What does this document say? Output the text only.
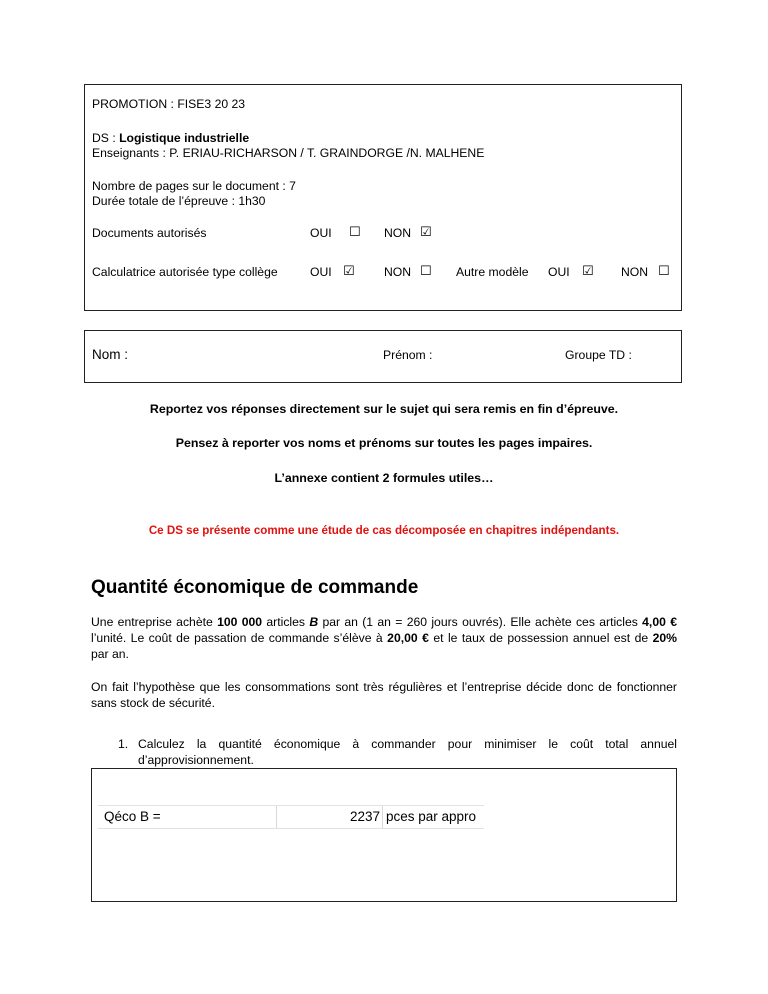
PROMOTION : FISE3 20 23
DS : Logistique industrielle
Enseignants : P. ERIAU-RICHARSON / T. GRAINDORGE /N. MALHENE
Nombre de pages sur le document : 7
Durée totale de l’épreuve : 1h30
Documents autorisés	OUI ☐ NON ☑
Calculatrice autorisée type collège	OUI ☑ NON ☐ Autre modèle OUI ☑ NON ☐
Nom :	Prénom :	Groupe TD :
Reportez vos réponses directement sur le sujet qui sera remis en fin d’épreuve.
Pensez à reporter vos noms et prénoms sur toutes les pages impaires.
L’annexe contient 2 formules utiles…
Ce DS se présente comme une étude de cas décomposée en chapitres indépendants.
Quantité économique de commande
Une entreprise achète 100 000 articles B par an (1 an = 260 jours ouvrés). Elle achète ces articles 4,00 € l’unité. Le coût de passation de commande s’élève à 20,00 € et le taux de possession annuel est de 20% par an.
On fait l’hypothèse que les consommations sont très régulières et l’entreprise décide donc de fonctionner sans stock de sécurité.
1. Calculez la quantité économique à commander pour minimiser le coût total annuel d’approvisionnement.
Qéco B =	2237 pces par appro
